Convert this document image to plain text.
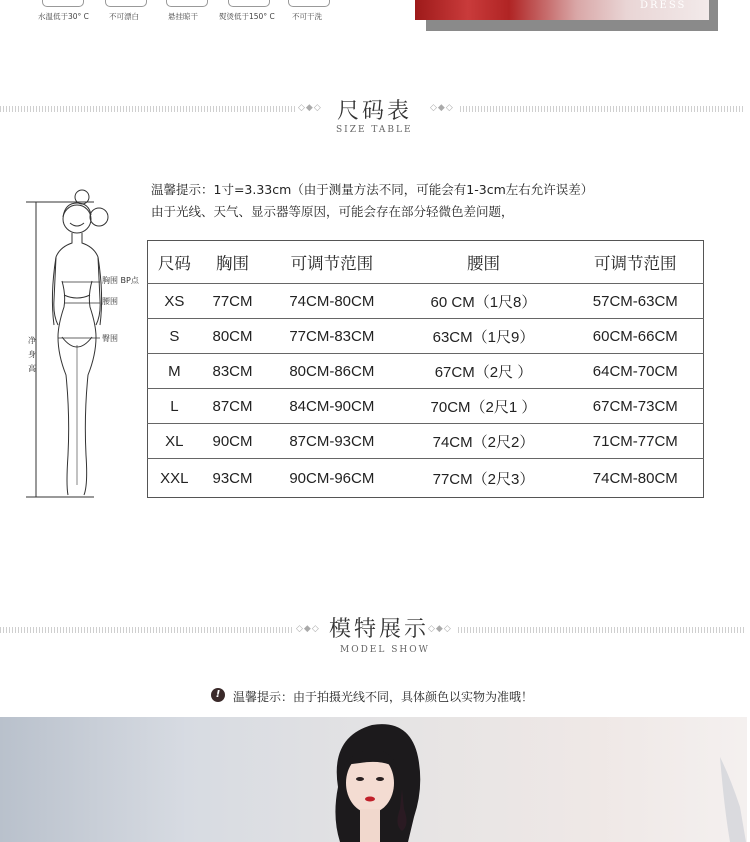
水温低于30° C	不可漂白	悬挂晾干	熨烫低于150° C 不可干洗
DRESS
◇◆◇ 尺码表 ◇◆◇
SIZE TABLE
温馨提示：1寸=3.33cm（由于测量方法不同，可能会有1-3cm左右允许误差）
由于光线、天气、显示器等原因，可能会存在部分轻微色差问题，
胸围 BP点
腰围
臀围
净身高
尺码	胸围	可调节范围	腰围	可调节范围
XS	77CM	74CM-80CM	60 CM（1尺8）	57CM-63CM
S	80CM	77CM-83CM	63CM（1尺9）	60CM-66CM
M	83CM	80CM-86CM	67CM（2尺 ）	64CM-70CM
L	87CM	84CM-90CM	70CM（2尺1 ）	67CM-73CM
XL	90CM	87CM-93CM	74CM（2尺2）	71CM-77CM
XXL	93CM	90CM-96CM	77CM（2尺3）	74CM-80CM
◇◆◇ 模特展示
◇◆◇
MODEL SHOW
!	温馨提示：由于拍摄光线不同，具体颜色以实物为准哦！
